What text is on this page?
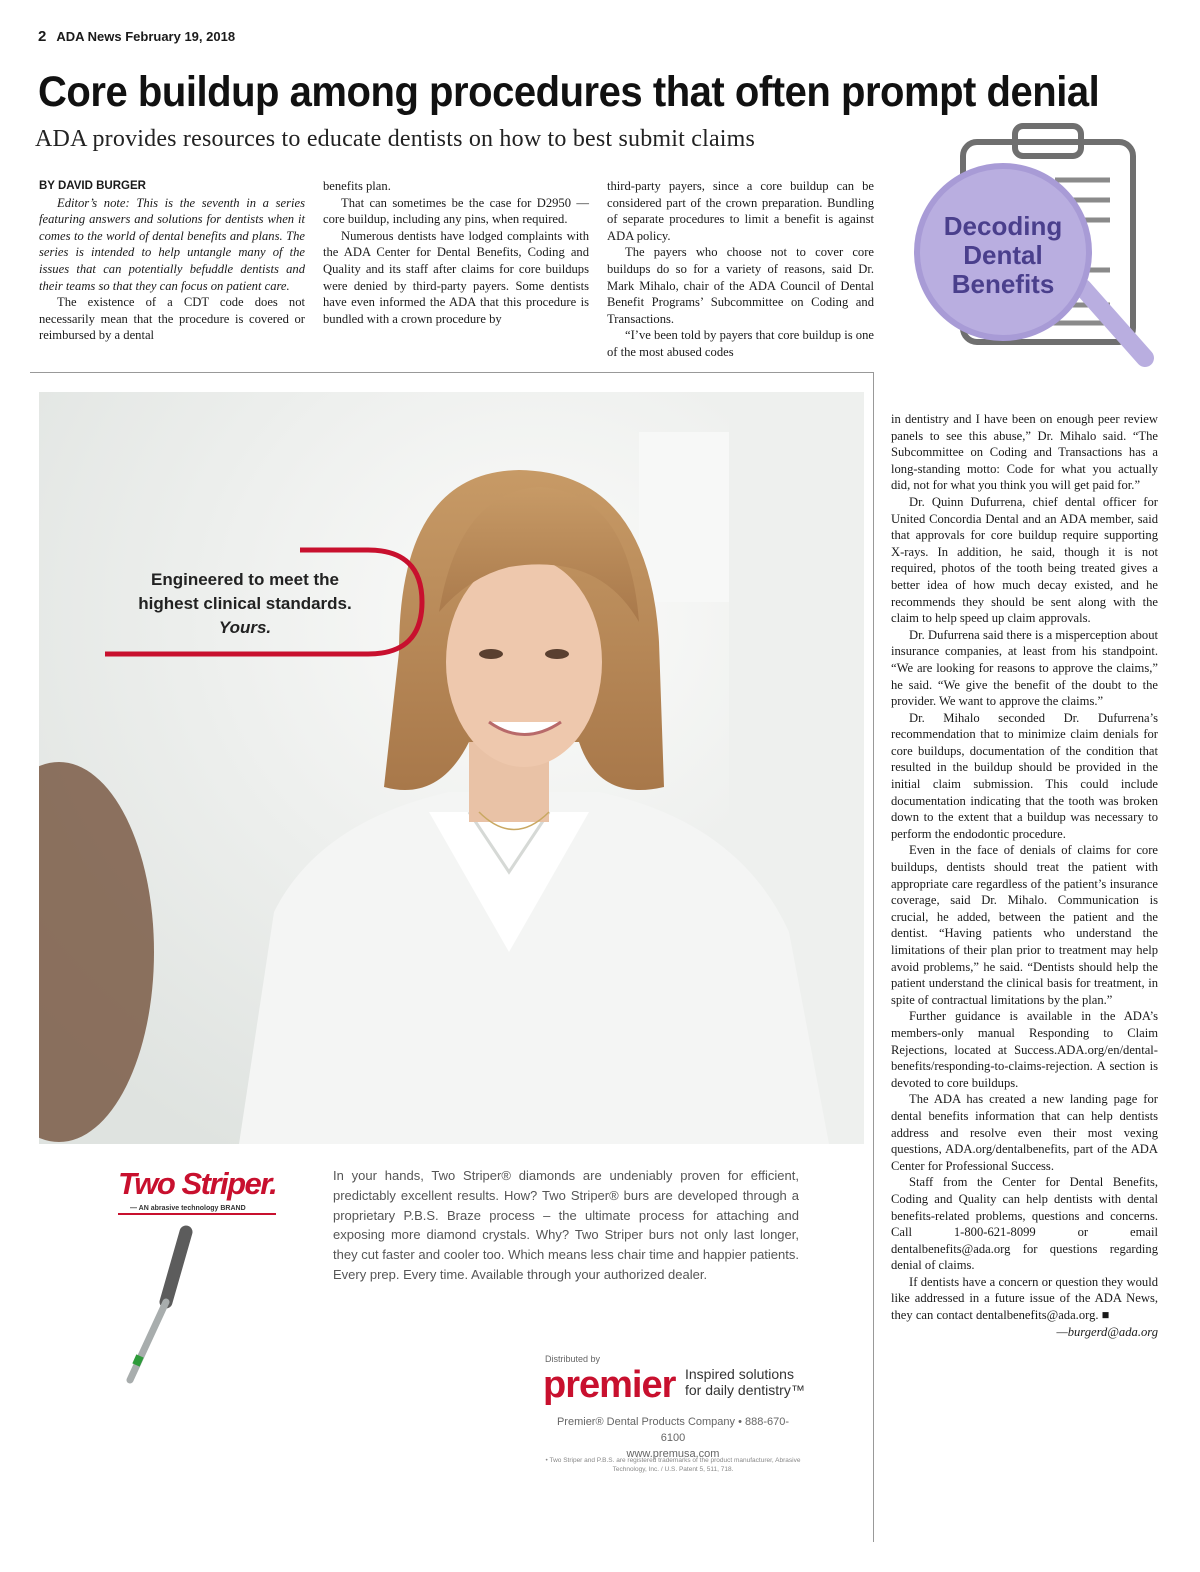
2 ADA News February 19, 2018
Core buildup among procedures that often prompt denial
ADA provides resources to educate dentists on how to best submit claims

BY DAVID BURGER

Editor’s note: This is the seventh in a series featuring answers and solutions for dentists when it comes to the world of dental benefits and plans. The series is intended to help untangle many of the issues that can potentially befuddle dentists and their teams so that they can focus on patient care.

The existence of a CDT code does not necessarily mean that the procedure is covered or reimbursed by a dental

benefits plan.

That can sometimes be the case for D2950 — core buildup, including any pins, when required.

Numerous dentists have lodged complaints with the ADA Center for Dental Benefits, Coding and Quality and its staff after claims for core buildups were denied by third-party payers. Some dentists have even informed the ADA that this procedure is bundled with a crown procedure by

third-party payers, since a core buildup can be considered part of the crown preparation. Bundling of separate procedures to limit a benefit is against ADA policy.

The payers who choose not to cover core buildups do so for a variety of reasons, said Dr. Mark Mihalo, chair of the ADA Council of Dental Benefit Programs’ Subcommittee on Coding and Transactions.

“I’ve been told by payers that core buildup is one of the most abused codes

Decoding
Dental
Benefits

in dentistry and I have been on enough peer review panels to see this abuse,” Dr. Mihalo said. “The Subcommittee on Coding and Transactions has a long-standing motto: Code for what you actually did, not for what you think you will get paid for.”

Dr. Quinn Dufurrena, chief dental officer for United Concordia Dental and an ADA member, said that approvals for core buildup require supporting X-rays. In addition, he said, though it is not required, photos of the tooth being treated gives a better idea of how much decay existed, and he recommends they should be sent along with the claim to help speed up claim approvals.

Dr. Dufurrena said there is a misperception about insurance companies, at least from his standpoint. “We are looking for reasons to approve the claims,” he said. “We give the benefit of the doubt to the provider. We want to approve the claims.”

Dr. Mihalo seconded Dr. Dufurrena’s recommendation that to minimize claim denials for core buildups, documentation of the condition that resulted in the buildup should be provided in the initial claim submission. This could include documentation indicating that the tooth was broken down to the extent that a buildup was necessary to perform the endodontic procedure.

Even in the face of denials of claims for core buildups, dentists should treat the patient with appropriate care regardless of the patient’s insurance coverage, said Dr. Mihalo. Communication is crucial, he added, between the patient and the dentist. “Having patients who understand the limitations of their plan prior to treatment may help avoid problems,” he said. “Dentists should help the patient understand the clinical basis for treatment, in spite of contractual limitations by the plan.”

Further guidance is available in the ADA’s members-only manual Responding to Claim Rejections, located at Success.ADA.org/en/dental-benefits/responding-to-claims-rejection. A section is devoted to core buildups.

The ADA has created a new landing page for dental benefits information that can help dentists address and resolve even their most vexing questions, ADA.org/dentalbenefits, part of the ADA Center for Professional Success.

Staff from the Center for Dental Benefits, Coding and Quality can help dentists with dental benefits-related problems, questions and concerns. Call 1-800-621-8099 or email dentalbenefits@ada.org for questions regarding denial of claims.

If dentists have a concern or question they would like addressed in a future issue of the ADA News, they can contact dentalbenefits@ada.org. ■

—burgerd@ada.org

Engineered to meet the
highest clinical standards.
Yours.
Two Striper.
— AN abrasive technology BRAND
In your hands, Two Striper® diamonds are undeniably proven for efficient, predictably excellent results. How? Two Striper® burs are developed through a proprietary P.B.S. Braze process – the ultimate process for attaching and exposing more diamond crystals. Why? Two Striper burs not only last longer, they cut faster and cooler too. Which means less chair time and happier patients. Every prep. Every time. Available through your authorized dealer.
Distributed by
premier Inspired solutions
for daily dentistry™
Premier® Dental Products Company • 888-670-6100
www.premusa.com
• Two Striper and P.B.S. are registered trademarks of the product manufacturer, Abrasive Technology, Inc. / U.S. Patent 5, 511, 718.
